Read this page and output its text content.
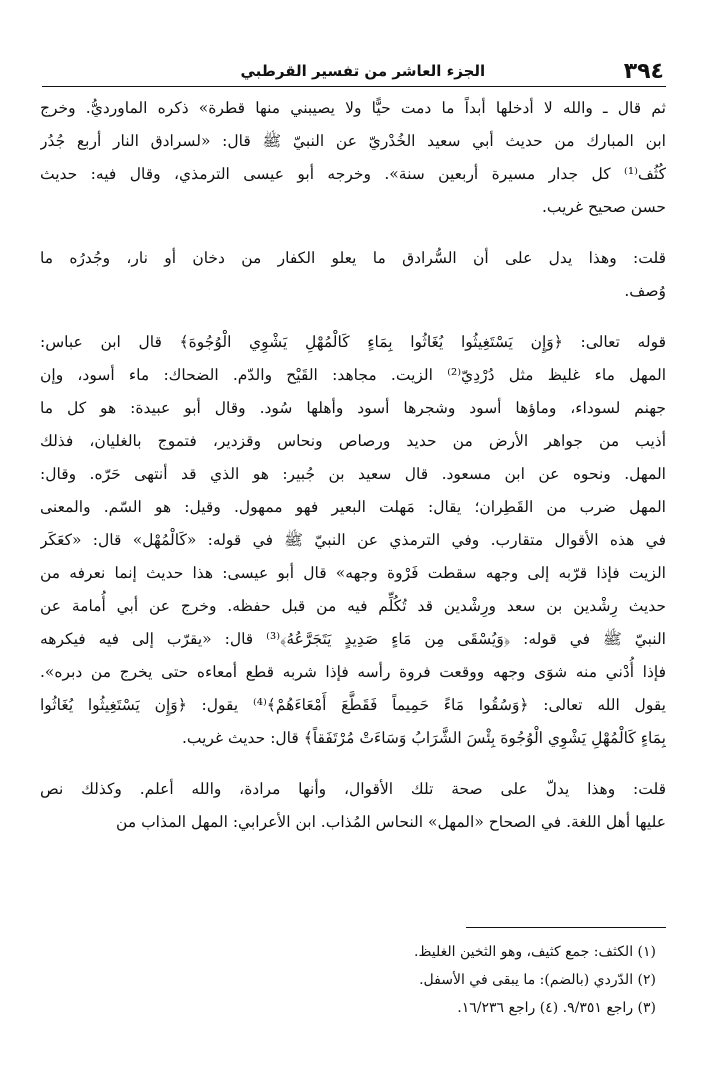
٣٩٤
الجزء العاشر من تفسير القرطبي
ثم قال ـ والله لا أدخلها أبداً ما دمت حيًّا ولا يصيبني منها قطرة» ذكره الماورديُّ. وخرج
ابن المبارك من حديث أبي سعيد الخُدْريّ عن النبيّ ﷺ قال: «لسرادق النار أربع جُدُر
كُثُف⁽¹⁾ كل جدار مسيرة أربعين سنة». وخرجه أبو عيسى الترمذي، وقال فيه: حديث
حسن صحيح غريب.
قلت: وهذا يدل على أن السُّرادق ما يعلو الكفار من دخان أو نار، وجُدرُه ما
وُصف.
قوله تعالى: ﴿وَإِن يَسْتَغِيثُوا يُغَاثُوا بِمَاءٍ كَالْمُهْلِ يَشْوِي الْوُجُوهَ﴾ قال ابن عباس:
المهل ماء غليظ مثل دُرْدِيّ⁽²⁾ الزيت. مجاهد: القَيْح والدّم. الضحاك: ماء أسود، وإن
جهنم لسوداء، وماؤها أسود وشجرها أسود وأهلها سُود. وقال أبو عبيدة: هو كل ما
أذيب من جواهر الأرض من حديد ورصاص ونحاس وقزدير، فتموج بالغليان، فذلك
المهل. ونحوه عن ابن مسعود. قال سعيد بن جُبير: هو الذي قد أنتهى حَرّه. وقال:
المهل ضرب من القَطِران؛ يقال: مَهلت البعير فهو ممهول. وقيل: هو السّم. والمعنى
في هذه الأقوال متقارب. وفي الترمذي عن النبيّ ﷺ في قوله: «كَالْمُهْل» قال: «كعَكَر
الزيت فإذا قرّبه إلى وجهه سقطت فَرْوة وجهه» قال أبو عيسى: هذا حديث إنما نعرفه من
حديث رِشْدين بن سعد ورِشْدين قد تُكُلِّم فيه من قبل حفظه. وخرج عن أبي أُمامة عن
النبيّ ﷺ في قوله: ﴿وَيُسْقَى مِن مَاءٍ صَدِيدٍ يَتَجَرَّعُهُ﴾⁽³⁾ قال: «يقرّب إلى فيه فيكرهه
فإذا أُدْني منه شوَى وجهه ووقعت فروة رأسه فإذا شربه قطع أمعاءه حتى يخرج من دبره».
يقول الله تعالى: ﴿وَسُقُوا مَاءً حَمِيماً فَقَطَّعَ أَمْعَاءَهُمْ﴾⁽⁴⁾ يقول: ﴿وَإِن يَسْتَغِيثُوا يُغَاثُوا
بِمَاءٍ كَالْمُهْلِ يَشْوِي الْوُجُوهَ بِئْسَ الشَّرَابُ وَسَاءَتْ مُرْتَفَقاً﴾ قال: حديث غريب.
قلت: وهذا يدلّ على صحة تلك الأقوال، وأنها مرادة، والله أعلم. وكذلك نص
عليها أهل اللغة. في الصحاح «المهل» النحاس المُذاب. ابن الأعرابي: المهل المذاب من
(١) الكثف: جمع كثيف، وهو الثخين الغليظ.
(٢) الدّردي (بالضم): ما يبقى في الأسفل.
(٣) راجع ٩/٣٥١. (٤) راجع ١٦/٢٣٦.
